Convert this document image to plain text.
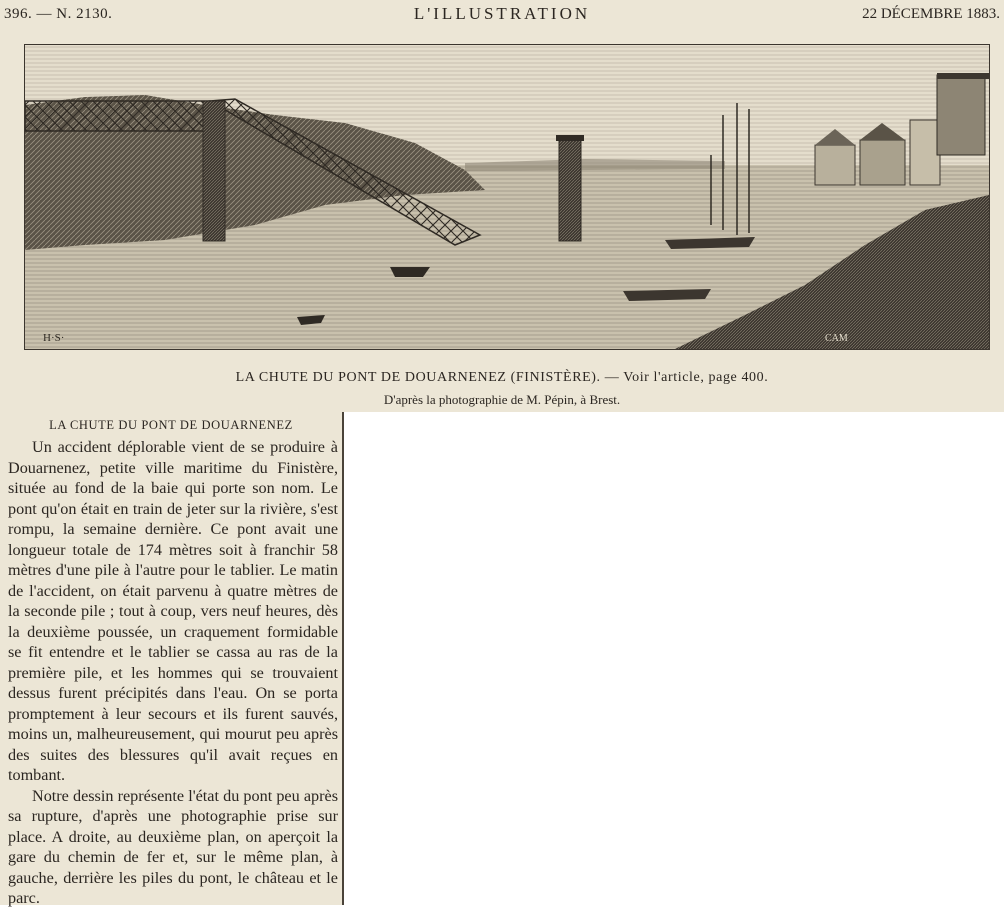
396. — N. 2130.	L'ILLUSTRATION	22 DÉCEMBRE 1883.
H·S·	CAM
LA CHUTE DU PONT DE DOUARNENEZ (FINISTÈRE). — Voir l'article, page 400.
D'après la photographie de M. Pépin, à Brest.
LA CHUTE DU PONT DE DOUARNENEZ

Un accident déplorable vient de se produire à Douarnenez, petite ville maritime du Finistère, située au fond de la baie qui porte son nom. Le pont qu'on était en train de jeter sur la rivière, s'est rompu, la semaine dernière. Ce pont avait une longueur totale de 174 mètres soit à franchir 58 mètres d'une pile à l'autre pour le tablier. Le matin de l'accident, on était parvenu à quatre mètres de la seconde pile ; tout à coup, vers neuf heures, dès la deuxième poussée, un craquement formidable se fit entendre et le tablier se cassa au ras de la première pile, et les hommes qui se trouvaient dessus furent précipités dans l'eau. On se porta promptement à leur secours et ils furent sauvés, moins un, malheureusement, qui mourut peu après des suites des blessures qu'il avait reçues en tombant.

Notre dessin représente l'état du pont peu après sa rupture, d'après une photographie prise sur place. A droite, au deuxième plan, on aperçoit la gare du chemin de fer et, sur le même plan, à gauche, derrière les piles du pont, le château et le parc.
